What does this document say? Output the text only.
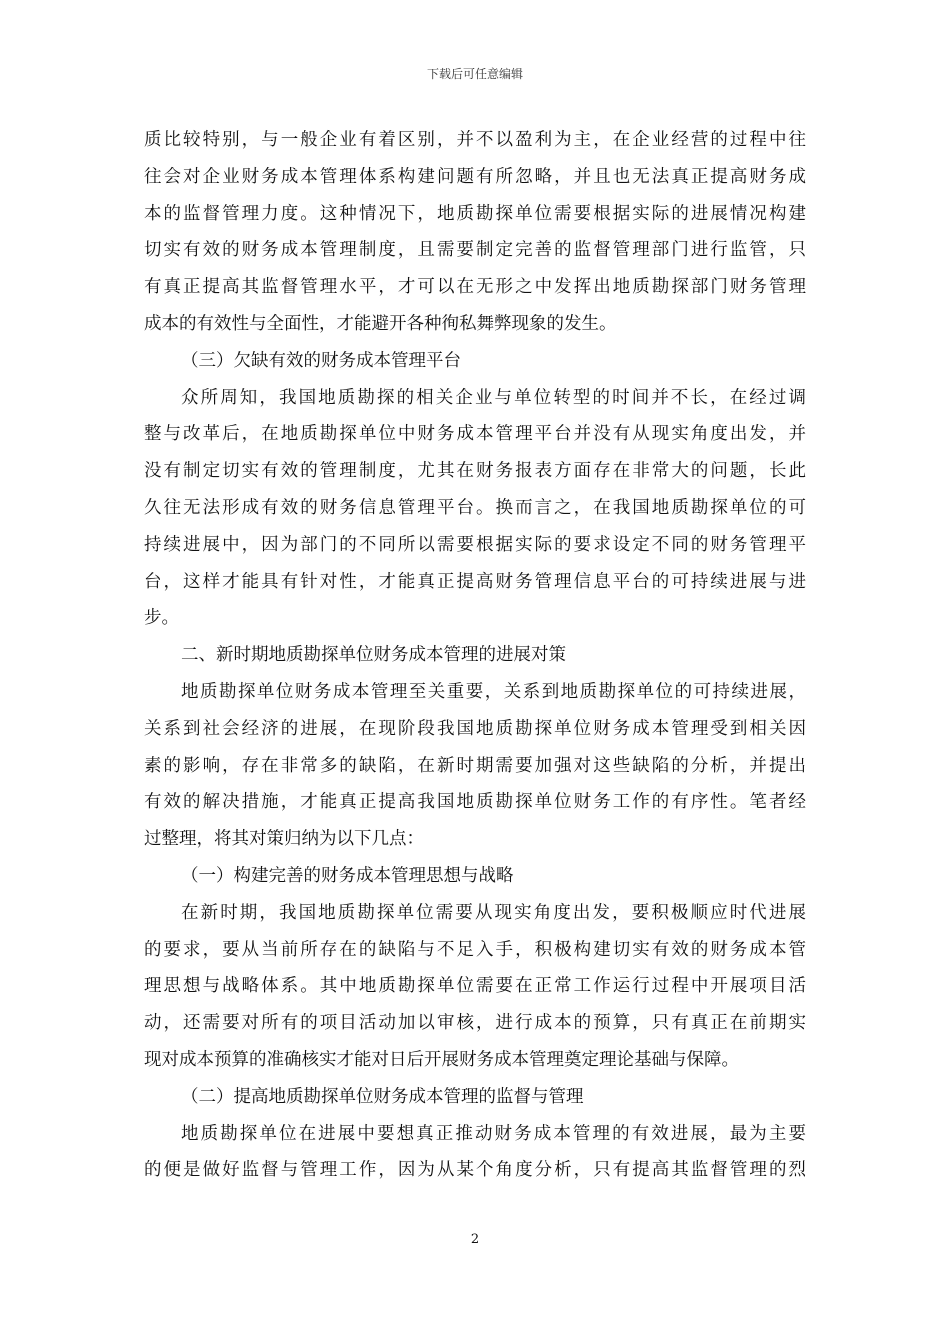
下载后可任意编辑
质比较特别，与一般企业有着区别，并不以盈利为主，在企业经营的过程中往
往会对企业财务成本管理体系构建问题有所忽略，并且也无法真正提高财务成
本的监督管理力度。这种情况下，地质勘探单位需要根据实际的进展情况构建
切实有效的财务成本管理制度，且需要制定完善的监督管理部门进行监管，只
有真正提高其监督管理水平，才可以在无形之中发挥出地质勘探部门财务管理
成本的有效性与全面性，才能避开各种徇私舞弊现象的发生。
（三）欠缺有效的财务成本管理平台
众所周知，我国地质勘探的相关企业与单位转型的时间并不长，在经过调
整与改革后，在地质勘探单位中财务成本管理平台并没有从现实角度出发，并
没有制定切实有效的管理制度，尤其在财务报表方面存在非常大的问题，长此
久往无法形成有效的财务信息管理平台。换而言之，在我国地质勘探单位的可
持续进展中，因为部门的不同所以需要根据实际的要求设定不同的财务管理平
台，这样才能具有针对性，才能真正提高财务管理信息平台的可持续进展与进
步。
二、新时期地质勘探单位财务成本管理的进展对策
地质勘探单位财务成本管理至关重要，关系到地质勘探单位的可持续进展，
关系到社会经济的进展，在现阶段我国地质勘探单位财务成本管理受到相关因
素的影响，存在非常多的缺陷，在新时期需要加强对这些缺陷的分析，并提出
有效的解决措施，才能真正提高我国地质勘探单位财务工作的有序性。笔者经
过整理，将其对策归纳为以下几点：
（一）构建完善的财务成本管理思想与战略
在新时期，我国地质勘探单位需要从现实角度出发，要积极顺应时代进展
的要求，要从当前所存在的缺陷与不足入手，积极构建切实有效的财务成本管
理思想与战略体系。其中地质勘探单位需要在正常工作运行过程中开展项目活
动，还需要对所有的项目活动加以审核，进行成本的预算，只有真正在前期实
现对成本预算的准确核实才能对日后开展财务成本管理奠定理论基础与保障。
（二）提高地质勘探单位财务成本管理的监督与管理
地质勘探单位在进展中要想真正推动财务成本管理的有效进展，最为主要
的便是做好监督与管理工作，因为从某个角度分析，只有提高其监督管理的烈
2
